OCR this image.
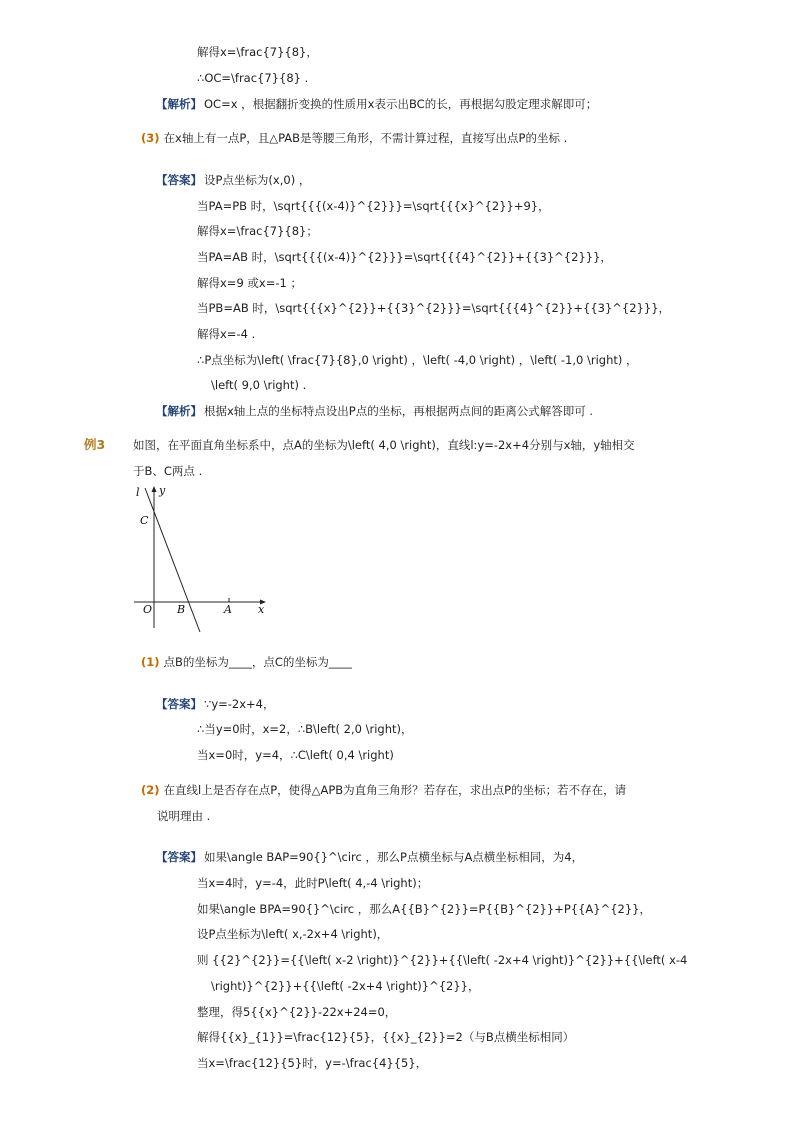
解得x=\frac{7}{8}，
∴OC=\frac{7}{8} .
【解析】 OC=x ，根据翻折变换的性质用x表示出BC的长，再根据勾股定理求解即可；
(3) 在x轴上有一点P，且△PAB是等腰三角形，不需计算过程，直接写出点P的坐标 .
【答案】 设P点坐标为(x,0) ，
当PA=PB 时，\sqrt{{{(x-4)}^{2}}}=\sqrt{{{x}^{2}}+9}，
解得x=\frac{7}{8}；
当PA=AB 时，\sqrt{{{(x-4)}^{2}}}=\sqrt{{{4}^{2}}+{{3}^{2}}}，
解得x=9 或x=-1 ；
当PB=AB 时，\sqrt{{{x}^{2}}+{{3}^{2}}}=\sqrt{{{4}^{2}}+{{3}^{2}}}，
解得x=-4 .
∴P点坐标为\left( \frac{7}{8},0 \right) ，\left( -4,0 \right) ，\left( -1,0 \right) ，
\left( 9,0 \right) .
【解析】 根据x轴上点的坐标特点设出P点的坐标，再根据两点间的距离公式解答即可 .
例3 如图，在平面直角坐标系中，点A的坐标为\left( 4,0 \right)，直线l:y=-2x+4分别与x轴，y轴相交
于B、C两点 .
l y
C
O B	A x
(1) 点B的坐标为____，点C的坐标为____
【答案】 ∵y=-2x+4，
∴当y=0时，x=2，∴B\left( 2,0 \right)，
当x=0时，y=4，∴C\left( 0,4 \right)
(2) 在直线l上是否存在点P，使得△APB为直角三角形？若存在，求出点P的坐标；若不存在，请
说明理由 .
【答案】 如果\angle BAP=90{}^\circ ，那么P点横坐标与A点横坐标相同，为4，
当x=4时，y=-4，此时P\left( 4,-4 \right)；
如果\angle BPA=90{}^\circ ，那么A{{B}^{2}}=P{{B}^{2}}+P{{A}^{2}}，
设P点坐标为\left( x,-2x+4 \right)，
则 {{2}^{2}}={{\left( x-2 \right)}^{2}}+{{\left( -2x+4 \right)}^{2}}+{{\left( x-4
\right)}^{2}}+{{\left( -2x+4 \right)}^{2}}，
整理，得5{{x}^{2}}-22x+24=0，
解得{{x}_{1}}=\frac{12}{5}，{{x}_{2}}=2（与B点横坐标相同）
当x=\frac{12}{5}时，y=-\frac{4}{5}，
